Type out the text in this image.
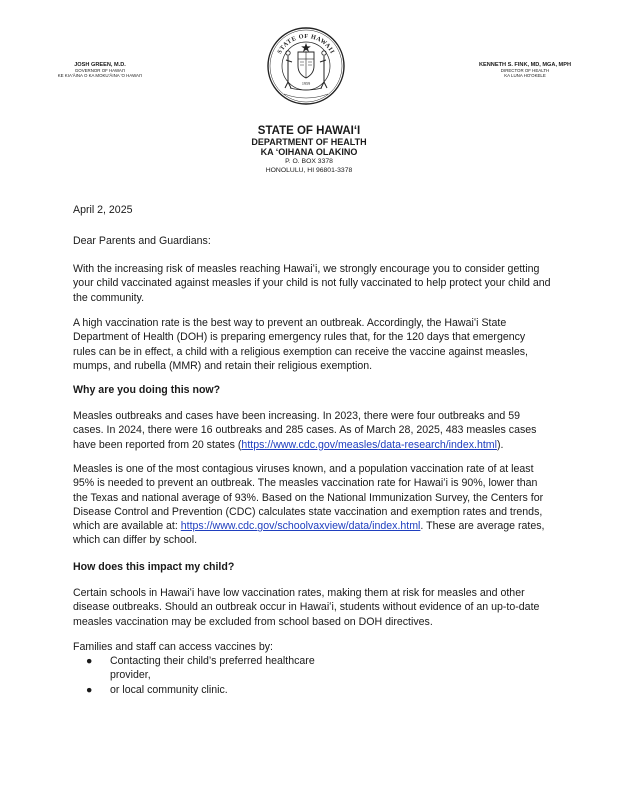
JOSH GREEN, M.D.
GOVERNOR OF HAWAI'I
KE KIA'ĀINA O KA MOKU'ĀINA 'O HAWAI'I
STATE OF HAWAII
1959
KENNETH S. FINK, MD, MGA, MPH
DIRECTOR OF HEALTH
KA LUNA HO'OKELE
STATE OF HAWAIʻI
DEPARTMENT OF HEALTH
KA ʻOIHANA OLAKINO
P. O. BOX 3378
HONOLULU, HI 96801-3378

April 2, 2025

Dear Parents and Guardians:

With the increasing risk of measles reaching Hawaiʻi, we strongly encourage you to consider getting your child vaccinated against measles if your child is not fully vaccinated to help protect your child and the community.

A high vaccination rate is the best way to prevent an outbreak. Accordingly, the Hawaiʻi State Department of Health (DOH) is preparing emergency rules that, for the 120 days that emergency rules can be in effect, a child with a religious exemption can receive the vaccine against measles, mumps, and rubella (MMR) and retain their religious exemption.

Why are you doing this now?

Measles outbreaks and cases have been increasing. In 2023, there were four outbreaks and 59 cases. In 2024, there were 16 outbreaks and 285 cases. As of March 28, 2025, 483 measles cases have been reported from 20 states (https://www.cdc.gov/measles/data-research/index.html).

Measles is one of the most contagious viruses known, and a population vaccination rate of at least 95% is needed to prevent an outbreak. The measles vaccination rate for Hawaiʻi is 90%, lower than the Texas and national average of 93%. Based on the National Immunization Survey, the Centers for Disease Control and Prevention (CDC) calculates state vaccination and exemption rates and trends, which are available at: https://www.cdc.gov/schoolvaxview/data/index.html. These are average rates, which can differ by school.

How does this impact my child?

Certain schools in Hawaiʻi have low vaccination rates, making them at risk for measles and other disease outbreaks. Should an outbreak occur in Hawaiʻi, students without evidence of an up-to-date measles vaccination may be excluded from school based on DOH directives.

Families and staff can access vaccines by:

● Contacting their child’s preferred healthcare provider,
● or local community clinic.
